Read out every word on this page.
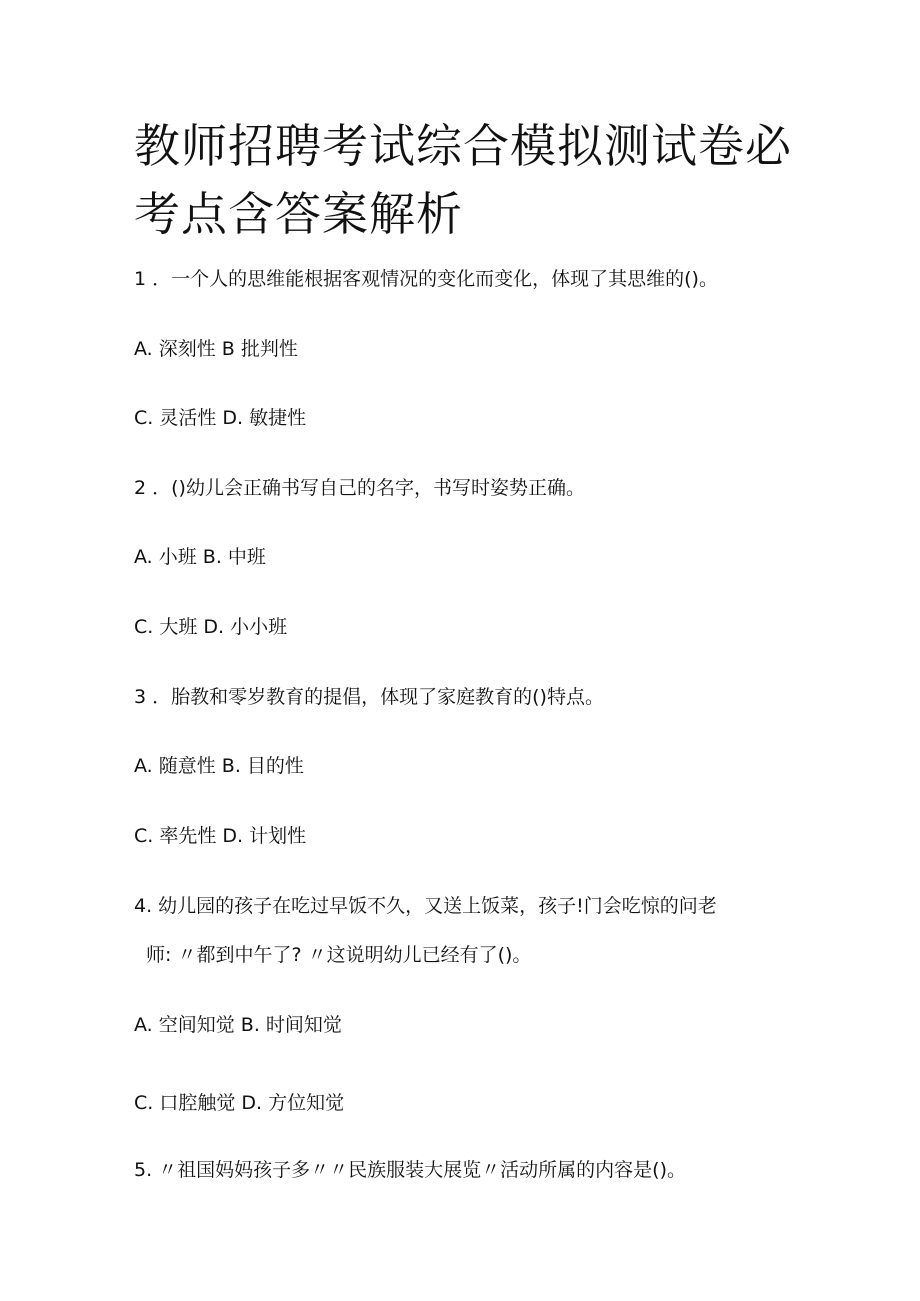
教师招聘考试综合模拟测试卷必考点含答案解析
1 ．一个人的思维能根据客观情况的变化而变化，体现了其思维的()。
A. 深刻性 B 批判性
C. 灵活性 D. 敏捷性
2 ．()幼儿会正确书写自己的名字，书写时姿势正确。
A. 小班 B. 中班
C. 大班 D. 小小班
3 ．胎教和零岁教育的提倡，体现了家庭教育的()特点。
A. 随意性 B. 目的性
C. 率先性 D. 计划性
4. 幼儿园的孩子在吃过早饭不久，又送上饭菜，孩子!门会吃惊的问老
师: 〃都到中午了? 〃这说明幼儿已经有了()。
A. 空间知觉 B. 时间知觉
C. 口腔触觉 D. 方位知觉
5. 〃祖国妈妈孩子多〃〃民族服装大展览〃活动所属的内容是()。
